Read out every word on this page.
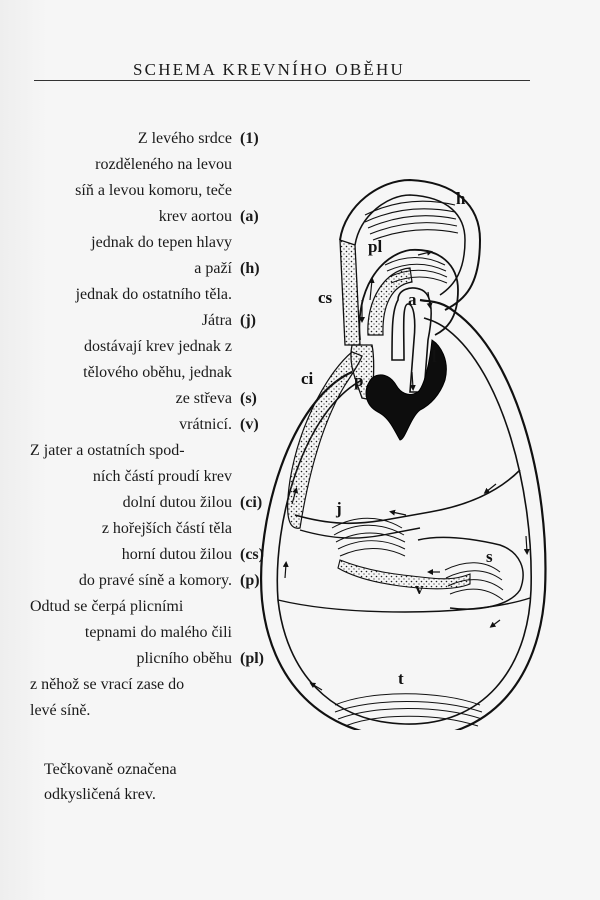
SCHEMA KREVNÍHO OBĚHU
Z levého srdce (1)
rozděleného na levou
síň a levou komoru, teče
krev aortou (a)
jednak do tepen hlavy
a paží (h)
jednak do ostatního těla.
Játra (j)
dostávají krev jednak z
tělového oběhu, jednak
ze střeva (s)
vrátnicí. (v)
Z jater a ostatních spod-
ních částí proudí krev
dolní dutou žilou (ci)
z hořejších částí těla
horní dutou žilou (cs)
do pravé síně a komory. (p)
Odtud se čerpá plicními
tepnami do malého čili
plicního oběhu (pl)
z něhož se vrací zase do
levé síně.
Tečkovaně označena
odkysličená krev.
h
pl
cs	a
l
ci p
j
s
v
t
